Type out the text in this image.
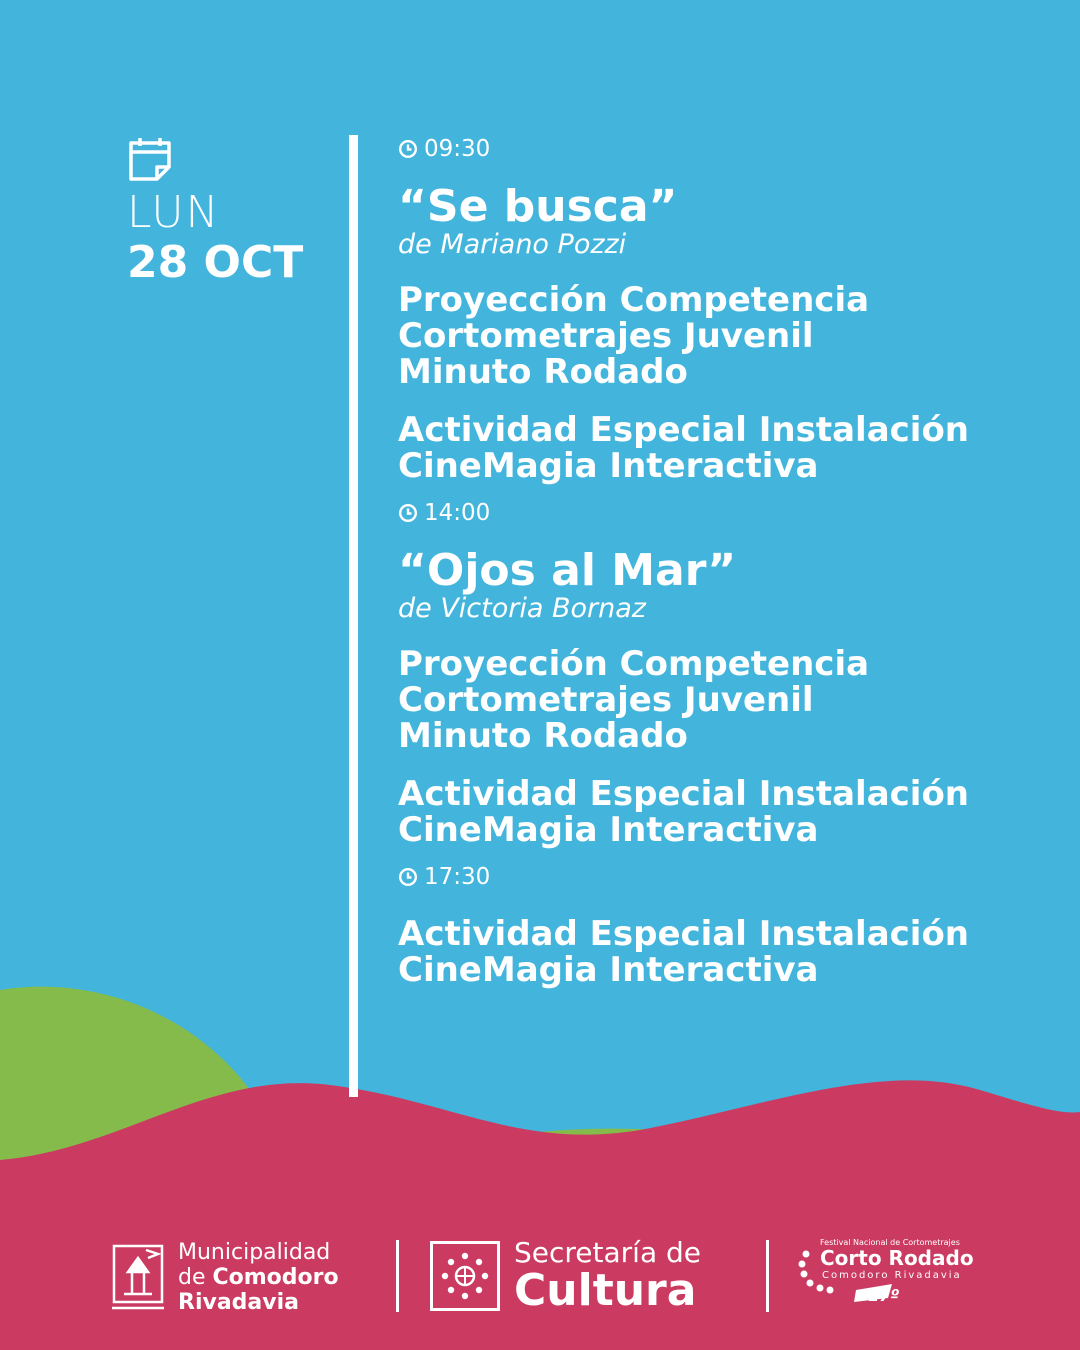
LUN
28 OCT
09:30
“Se busca”
de Mariano Pozzi
Proyección Competencia
Cortometrajes Juvenil
Minuto Rodado
Actividad Especial Instalación
CineMagia Interactiva
14:00
“Ojos al Mar”
de Victoria Bornaz
Proyección Competencia
Cortometrajes Juvenil
Minuto Rodado
Actividad Especial Instalación
CineMagia Interactiva
17:30
Actividad Especial Instalación
CineMagia Interactiva
Municipalidad
de Comodoro
Rivadavia
Secretaría de
Cultura
Festival Nacional de Cortometrajes
Corto Rodado
Comodoro Rivadavia
17º
